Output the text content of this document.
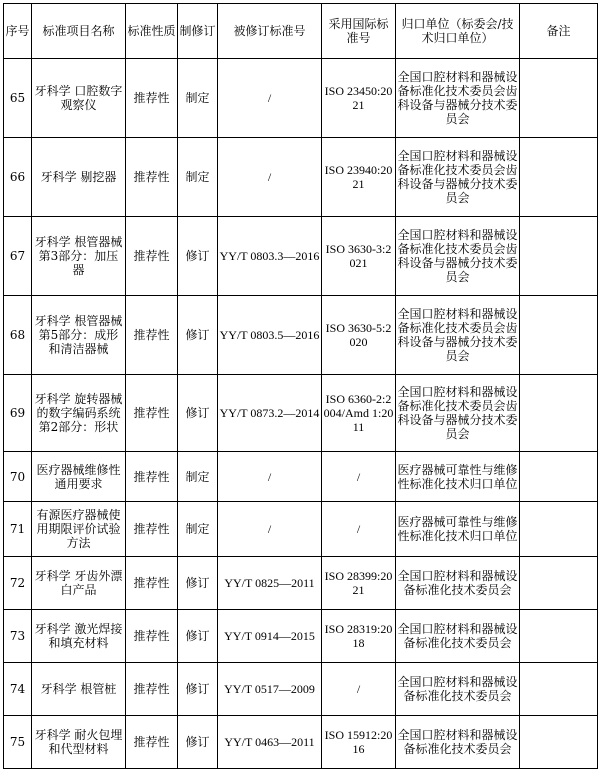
序号	标准项目名称	标准性质	制修订	被修订标准号	采用国际标准号	归口单位（标委会/技术归口单位）	备注
65	牙科学 口腔数字观察仪	推荐性	制定	/	ISO 23450:2021	全国口腔材料和器械设备标准化技术委员会齿科设备与器械分技术委员会	
66	牙科学 剔挖器	推荐性	制定	/	ISO 23940:2021	全国口腔材料和器械设备标准化技术委员会齿科设备与器械分技术委员会	
67	牙科学 根管器械 第3部分：加压器	推荐性	修订	YY/T 0803.3—2016	ISO 3630-3:2021	全国口腔材料和器械设备标准化技术委员会齿科设备与器械分技术委员会	
68	牙科学 根管器械 第5部分：成形和清洁器械	推荐性	修订	YY/T 0803.5—2016	ISO 3630-5:2020	全国口腔材料和器械设备标准化技术委员会齿科设备与器械分技术委员会	
69	牙科学 旋转器械的数字编码系统 第2部分：形状	推荐性	修订	YY/T 0873.2—2014	ISO 6360-2:2004/Amd 1:2011	全国口腔材料和器械设备标准化技术委员会齿科设备与器械分技术委员会	
70	医疗器械维修性通用要求	推荐性	制定	/	/	医疗器械可靠性与维修性标准化技术归口单位	
71	有源医疗器械使用期限评价试验方法	推荐性	制定	/	/	医疗器械可靠性与维修性标准化技术归口单位	
72	牙科学 牙齿外漂白产品	推荐性	修订	YY/T 0825—2011	ISO 28399:2021	全国口腔材料和器械设备标准化技术委员会	
73	牙科学 激光焊接和填充材料	推荐性	修订	YY/T 0914—2015	ISO 28319:2018	全国口腔材料和器械设备标准化技术委员会	
74	牙科学 根管桩	推荐性	修订	YY/T 0517—2009	/	全国口腔材料和器械设备标准化技术委员会	
75	牙科学 耐火包埋和代型材料	推荐性	修订	YY/T 0463—2011	ISO 15912:2016	全国口腔材料和器械设备标准化技术委员会	
